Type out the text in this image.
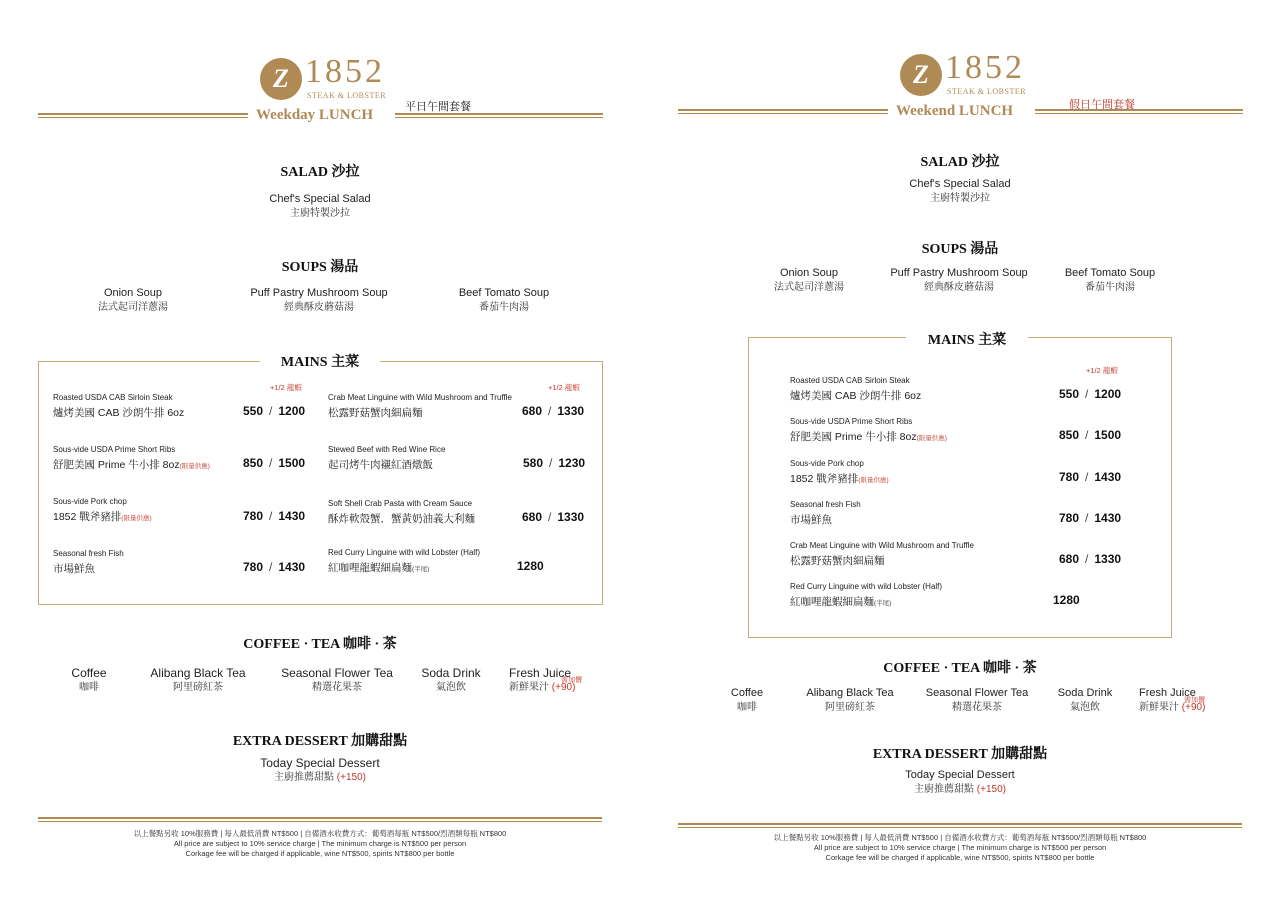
Z 1852
STEAK & LOBSTER
Weekday LUNCH	平日午間套餐
SALAD 沙拉
Chef's Special Salad
主廚特製沙拉
SOUPS 湯品
Onion Soup
法式起司洋蔥湯
Puff Pastry Mushroom Soup
經典酥皮蘑菇湯
Beef Tomato Soup
番茄牛肉湯
MAINS 主菜
+1/2 龍蝦	+1/2 龍蝦
Roasted USDA CAB Sirloin Steak
爐烤美國 CAB 沙朗牛排 6oz	550 / 1200
Sous-vide USDA Prime Short Ribs
舒肥美國 Prime 牛小排 8oz(限量供應)	850 / 1500
Sous-vide Pork chop
1852 戰斧豬排(限量供應)	780 / 1430
Seasonal fresh Fish
市場鮮魚	780 / 1430
Crab Meat Linguine with Wild Mushroom and Truffle
松露野菇蟹肉細扁麵	680 / 1330
Stewed Beef with Red Wine Rice
起司烤牛肉襯紅酒燉飯	580 / 1230
Soft Shell Crab Pasta with Cream Sauce
酥炸軟殼蟹．蟹黃奶油義大利麵	680 / 1330
Red Curry Linguine with wild Lobster (Half)
紅咖哩龍蝦細扁麵(半尾)	1280
COFFEE · TEA 咖啡 · 茶
Coffee
咖啡
Alibang Black Tea
阿里磅紅茶
Seasonal Flower Tea
精選花果茶
Soda Drink
氣泡飲
Fresh Juice
新鮮果汁 (+90)
需加價
EXTRA DESSERT 加購甜點
Today Special Dessert
主廚推薦甜點 (+150)
以上餐點另收 10%服務費 | 每人最低消費 NT$500 | 自備酒水收費方式：葡萄酒每瓶 NT$500/烈酒類每瓶 NT$800
All price are subject to 10% service charge | The minimum charge is NT$500 per person
Corkage fee will be charged if applicable, wine NT$500, spirits NT$800 per bottle
Z 1852
STEAK & LOBSTER
Weekend LUNCH	假日午間套餐
SALAD 沙拉
Chef's Special Salad
主廚特製沙拉
SOUPS 湯品
Onion Soup
法式起司洋蔥湯
Puff Pastry Mushroom Soup
經典酥皮蘑菇湯
Beef Tomato Soup
番茄牛肉湯
MAINS 主菜
+1/2 龍蝦
Roasted USDA CAB Sirloin Steak
爐烤美國 CAB 沙朗牛排 6oz	550 / 1200
Sous-vide USDA Prime Short Ribs
舒肥美國 Prime 牛小排 8oz(限量供應)	850 / 1500
Sous-vide Pork chop
1852 戰斧豬排(限量供應)	780 / 1430
Seasonal fresh Fish
市場鮮魚	780 / 1430
Crab Meat Linguine with Wild Mushroom and Truffle
松露野菇蟹肉細扁麵	680 / 1330
Red Curry Linguine with wild Lobster (Half)
紅咖哩龍蝦細扁麵(半尾)	1280
COFFEE · TEA 咖啡 · 茶
Coffee
咖啡
Alibang Black Tea
阿里磅紅茶
Seasonal Flower Tea
精選花果茶
Soda Drink
氣泡飲
Fresh Juice
新鮮果汁 (+90)
需加價
EXTRA DESSERT 加購甜點
Today Special Dessert
主廚推薦甜點 (+150)
以上餐點另收 10%服務費 | 每人最低消費 NT$500 | 自備酒水收費方式：葡萄酒每瓶 NT$500/烈酒類每瓶 NT$800
All price are subject to 10% service charge | The minimum charge is NT$500 per person
Corkage fee will be charged if applicable, wine NT$500, spirits NT$800 per bottle
